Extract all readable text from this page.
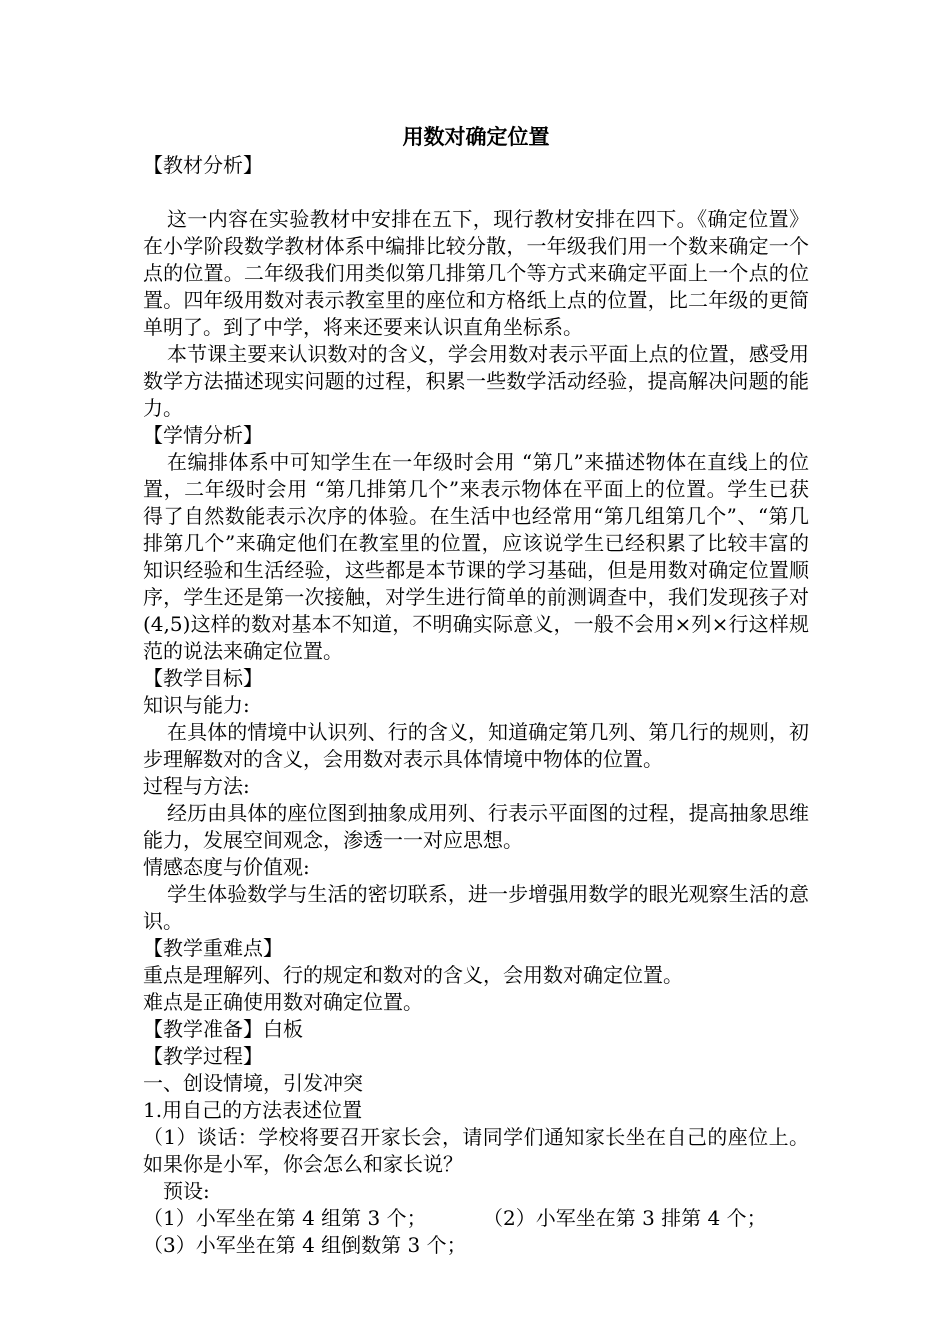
用数对确定位置

【教材分析】

这一内容在实验教材中安排在五下，现行教材安排在四下。《确定位置》在小学阶段数学教材体系中编排比较分散，一年级我们用一个数来确定一个点的位置。二年级我们用类似第几排第几个等方式来确定平面上一个点的位置。四年级用数对表示教室里的座位和方格纸上点的位置，比二年级的更简单明了。到了中学，将来还要来认识直角坐标系。

本节课主要来认识数对的含义，学会用数对表示平面上点的位置，感受用数学方法描述现实问题的过程，积累一些数学活动经验，提高解决问题的能力。

【学情分析】

在编排体系中可知学生在一年级时会用 “第几”来描述物体在直线上的位置，二年级时会用 “第几排第几个”来表示物体在平面上的位置。学生已获得了自然数能表示次序的体验。在生活中也经常用“第几组第几个”、“第几排第几个”来确定他们在教室里的位置，应该说学生已经积累了比较丰富的知识经验和生活经验，这些都是本节课的学习基础，但是用数对确定位置顺序，学生还是第一次接触，对学生进行简单的前测调查中，我们发现孩子对(4,5)这样的数对基本不知道，不明确实际意义，一般不会用×列×行这样规范的说法来确定位置。

【教学目标】

知识与能力:

在具体的情境中认识列、行的含义，知道确定第几列、第几行的规则，初步理解数对的含义，会用数对表示具体情境中物体的位置。

过程与方法:

经历由具体的座位图到抽象成用列、行表示平面图的过程，提高抽象思维能力，发展空间观念，渗透一一对应思想。

情感态度与价值观:

学生体验数学与生活的密切联系，进一步增强用数学的眼光观察生活的意识。

【教学重难点】

重点是理解列、行的规定和数对的含义，会用数对确定位置。

难点是正确使用数对确定位置。

【教学准备】白板

【教学过程】

一、创设情境，引发冲突

1.用自己的方法表述位置

（1）谈话：学校将要召开家长会，请同学们通知家长坐在自己的座位上。如果你是小军，你会怎么和家长说？

预设:

（1）小军坐在第 4 组第 3 个；	（2）小军坐在第 3 排第 4 个；

（3）小军坐在第 4 组倒数第 3 个；
